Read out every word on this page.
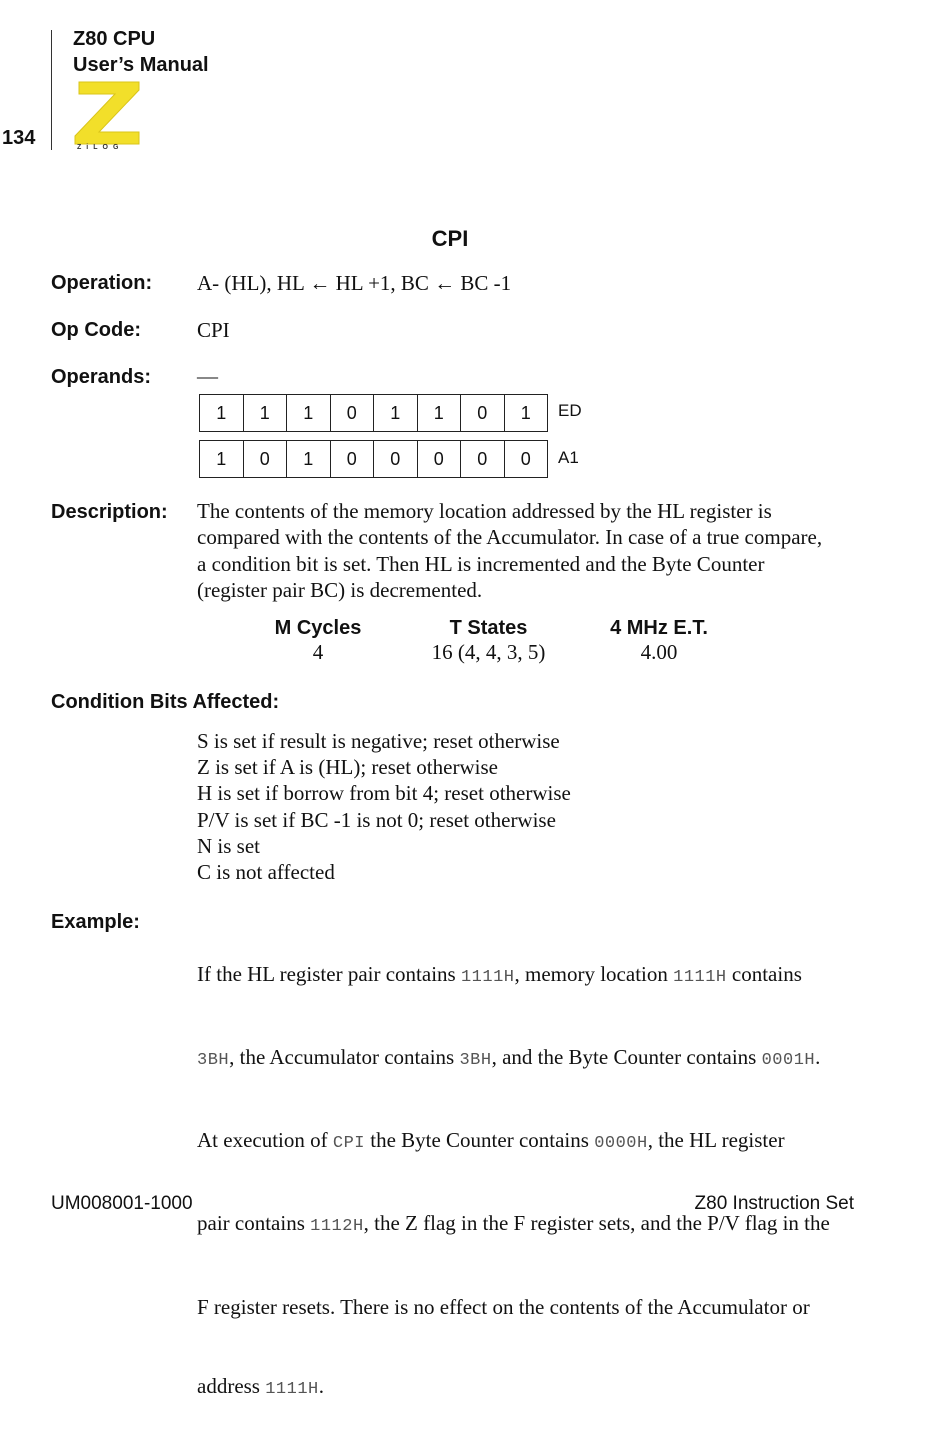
Z80 CPU
User’s Manual
134	ZiLOG
CPI
Operation: A- (HL), HL ← HL +1, BC ← BC -1
Op Code:	CPI
Operands: —
1	1	1	0	1	1	0	1	ED
1	0	1	0	0	0	0	0	A1
Description: The contents of the memory location addressed by the HL register is
compared with the contents of the Accumulator. In case of a true compare,
a condition bit is set. Then HL is incremented and the Byte Counter
(register pair BC) is decremented.
M Cycles	T States	4 MHz E.T.
4	16 (4, 4, 3, 5)	4.00
Condition Bits Affected:
S is set if result is negative; reset otherwise
Z is set if A is (HL); reset otherwise
H is set if borrow from bit 4; reset otherwise
P/V is set if BC -1 is not 0; reset otherwise
N is set
C is not affected
Example:

If the HL register pair contains 1111H, memory location 1111H contains

3BH, the Accumulator contains 3BH, and the Byte Counter contains 0001H.

At execution of CPI the Byte Counter contains 0000H, the HL register

pair contains 1112H, the Z flag in the F register sets, and the P/V flag in the

F register resets. There is no effect on the contents of the Accumulator or

address 1111H.

UM008001-1000	Z80 Instruction Set
